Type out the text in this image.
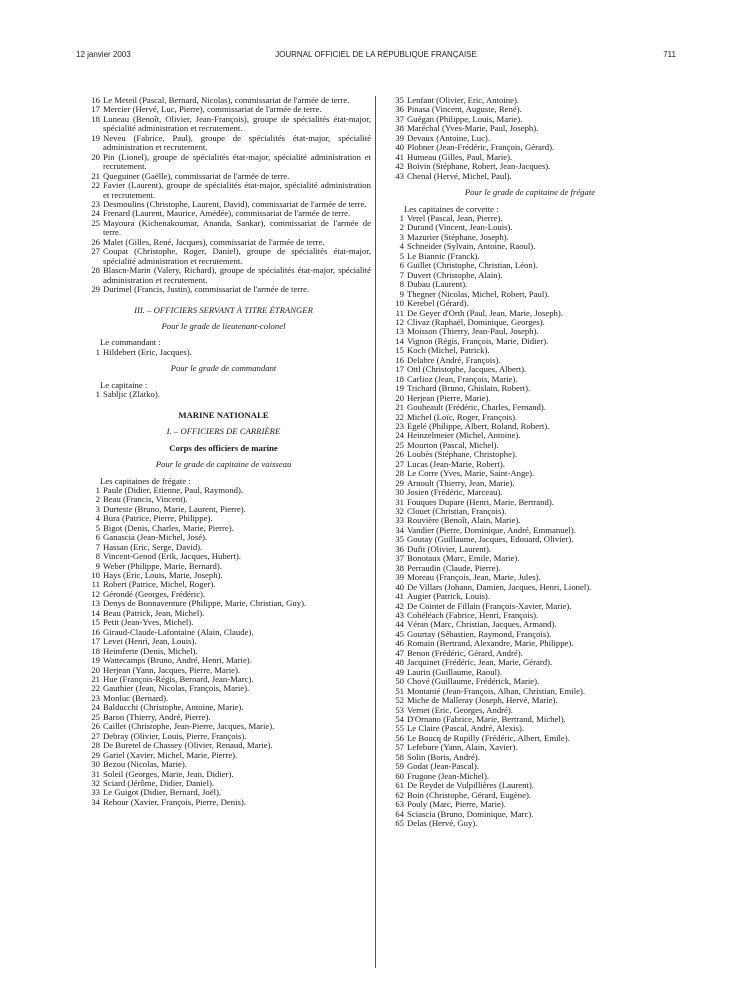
12 janvier 2003	JOURNAL OFFICIEL DE LA RÉPUBLIQUE FRANÇAISE	711
16 Le Meteil (Pascal, Bernard, Nicolas), commissariat de l'armée de terre.
17 Mercier (Hervé, Luc, Pierre), commissariat de l'armée de terre.
18 Luneau (Benoît, Olivier, Jean-François), groupe de spécialités état-major, spécialité administration et recrutement.
19 Neveu (Fabrice, Paul), groupe de spécialités état-major, spécialité administration et recrutement.
20 Pin (Lionel), groupe de spécialités état-major, spécialité administration et recrutement.
21 Queguiner (Gaëlle), commissariat de l'armée de terre.
22 Favier (Laurent), groupe de spécialités état-major, spécialité administration et recrutement.
23 Desmoulins (Christophe, Laurent, David), commissariat de l'armée de terre.
24 Frenard (Laurent, Maurice, Amédée), commissariat de l'armée de terre.
25 Mayoura (Kichenakoumar, Ananda, Sankar), commissariat de l'armée de terre.
26 Malet (Gilles, René, Jacques), commissariat de l'armée de terre.
27 Coupat (Christophe, Roger, Daniel), groupe de spécialités état-major, spécialité administration et recrutement.
28 Blascn-Marin (Valery, Richard), groupe de spécialités état-major, spécialité administration et recrutement.
29 Durimel (Francis, Justin), commissariat de l'armée de terre.
III. – OFFICIERS SERVANT À TITRE ÉTRANGER
Pour le grade de lieutenant-colonel
Le commandant :
1 Hildebert (Eric, Jacques).
Pour le grade de commandant
Le capitaine :
1 Sabljic (Zlatko).
MARINE NATIONALE
I. – OFFICIERS DE CARRIÈRE
Corps des officiers de marine
Pour le grade de capitaine de vaisseau
Les capitaines de frégate :
1 Paule (Didier, Etienne, Paul, Raymond).
2 Beau (Francis, Vincent).
3 Durteste (Bruno, Marie, Laurent, Pierre).
4 Bura (Patrice, Pierre, Philippe).
5 Bigot (Denis, Charles, Marie, Pierre).
6 Ganascia (Jean-Michel, José).
7 Hassan (Eric, Serge, David).
8 Vincent-Genod (Erik, Jacques, Hubert).
9 Weber (Philippe, Marie, Bernard).
10 Hays (Eric, Louis, Marie, Joseph).
11 Robert (Patrice, Michel, Roger).
12 Gérondé (Georges, Frédéric).
13 Denys de Bonnaventure (Philippe, Marie, Christian, Guy).
14 Beau (Patrick, Jean, Michel).
15 Petit (Jean-Yves, Michel).
16 Giraud-Claude-Lafontaine (Alain, Claude).
17 Levet (Henri, Jean, Louis).
18 Heimferte (Denis, Michel).
19 Wattecamps (Bruno, André, Henri, Marie).
20 Herjean (Yann, Jacques, Pierre, Marie).
21 Hue (François-Régis, Bernard, Jean-Marc).
22 Gauthier (Jean, Nicolas, François, Marie).
23 Monluc (Bernard).
24 Balducchi (Christophe, Antoine, Marie).
25 Baron (Thierry, André, Pierre).
26 Caillet (Christophe, Jean-Pierre, Jacques, Marie).
27 Debray (Olivier, Louis, Pierre, François).
28 De Buretel de Chassey (Olivier, Renaud, Marie).
29 Gariel (Xavier, Michel, Marie, Pierre).
30 Bezou (Nicolas, Marie).
31 Soleil (Georges, Marie, Jean, Didier).
32 Sciard (Jérôme, Didier, Daniel).
33 Le Guigot (Didier, Bernard, Joël).
34 Rebour (Xavier, François, Pierre, Denis).
35 Lenfant (Olivier, Eric, Antoine).
36 Pinasa (Vincent, Auguste, René).
37 Guégan (Philippe, Louis, Marie).
38 Maréchal (Yves-Marie, Paul, Joseph).
39 Devaux (Antoine, Luc).
40 Plobner (Jean-Frédéric, François, Gérard).
41 Humeau (Gilles, Paul, Marie).
42 Boivin (Stéphane, Robert, Jean-Jacques).
43 Chenal (Hervé, Michel, Paul).
Pour le grade de capitaine de frégate
Les capitaines de corvette :
1 Verel (Pascal, Jean, Pierre).
2 Durand (Vincent, Jean-Louis).
3 Mazurier (Stéphane, Joseph).
4 Schneider (Sylvain, Antoine, Raoul).
5 Le Biannic (Franck).
6 Guillet (Christophe, Christian, Léon).
7 Duvert (Christophe, Alain).
8 Dubau (Laurent).
9 Thegner (Nicolas, Michel, Robert, Paul).
10 Kerebel (Gérard).
11 De Geyer d'Orth (Paul, Jean, Marie, Joseph).
12 Clivaz (Raphaël, Dominique, Georges).
13 Moisson (Thierry, Jean-Paul, Joseph).
14 Vignon (Régis, François, Marie, Didier).
15 Koch (Michel, Patrick).
16 Delabre (André, François).
17 Ottl (Christophe, Jacques, Albert).
18 Carlioz (Jean, François, Marie).
19 Trichard (Bruno, Ghislain, Robert).
20 Herjean (Pierre, Marie).
21 Gouheault (Frédéric, Charles, Fernand).
22 Michel (Loïc, Roger, François).
23 Egelé (Philippe, Albert, Roland, Robert).
24 Heinzelmeier (Michel, Antoine).
25 Mourton (Pascal, Michel).
26 Loubès (Stéphane, Christophe).
27 Lucas (Jean-Marie, Robert).
28 Le Corre (Yves, Marie, Saint-Ange).
29 Arnoult (Thierry, Jean, Marie).
30 Josien (Frédéric, Marceau).
31 Fouques Dupare (Henri, Marie, Bertrand).
32 Clouet (Christian, François).
33 Rouvière (Benoît, Alain, Marie).
34 Vandier (Pierre, Dominique, André, Emmanuel).
35 Goutay (Guillaume, Jacques, Edouard, Olivier).
36 Dufit (Olivier, Laurent).
37 Bonotaux (Marc, Emile, Marie).
38 Perraudin (Claude, Pierre).
39 Moreau (François, Jean, Marie, Jules).
40 De Villars (Johann, Damien, Jacques, Henri, Lionel).
41 Augier (Patrick, Louis).
42 De Cointet de Fillain (François-Xavier, Marie).
43 Cohéléach (Fabrice, Henri, François).
44 Véran (Marc, Christian, Jacques, Armand).
45 Gourtay (Sébastien, Raymond, François).
46 Romain (Bertrand, Alexandre, Marie, Philippe).
47 Benon (Frédéric, Gérard, André).
48 Jacquinet (Frédéric, Jean, Marie, Gérard).
49 Laurin (Guillaume, Raoul).
50 Chové (Guillaume, Frédérick, Marie).
51 Montanié (Jean-François, Alban, Christian, Emile).
52 Miche de Malleray (Joseph, Hervé, Marie).
53 Vernet (Eric, Georges, André).
54 D'Ornano (Fabrice, Marie, Bertrand, Michel).
55 Le Claire (Pascal, André, Alexis).
56 Le Boucq de Rupilly (Frédéric, Albert, Emile).
57 Lefebure (Yann, Alain, Xavier).
58 Solin (Boris, André).
59 Godat (Jean-Pascal).
60 Frugone (Jean-Michel).
61 De Reydet de Vulpillières (Laurent).
62 Boin (Christophe, Gérard, Eugène).
63 Pouly (Marc, Pierre, Marie).
64 Sciascia (Bruno, Dominique, Marc).
65 Delas (Hervé, Guy).
